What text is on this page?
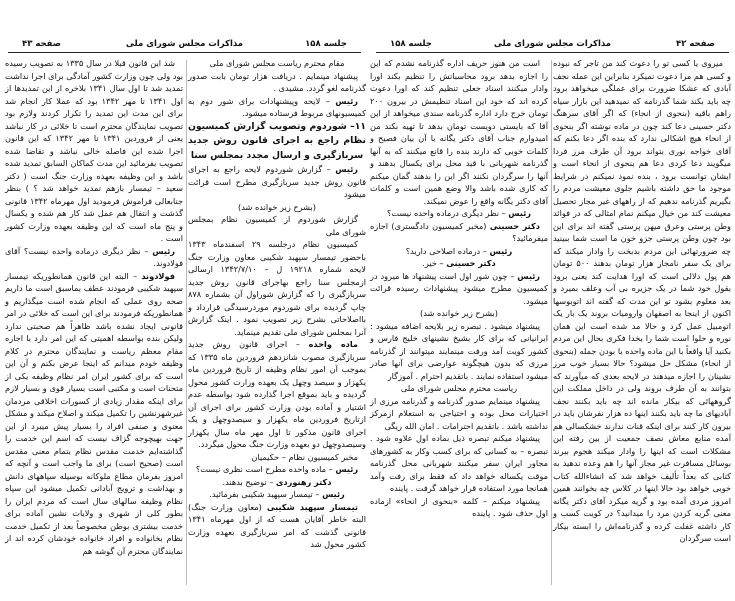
صفحه ۴۳	مذاکرات مجلس شورای ملی	جلسه ۱۵۸

مقام محترم ریاست مجلس شورای ملی

پیشنهاد مینمایم . دریافت هزار تومان بابت صدور گذرنامه لغو گردد. مشیدی .

رئیس – لایحه وپیشنهادات برای شور دوم به کمیسیونهای مربوط فرستاده میشود.

۱۱– شوردوم وتصویب گزارش کمیسیون نظام راجع به اجرای قانون روش جدید سربازگیری و ارسال مجدد بمجلس سنا

رئیس – گزارش شوردوم لایحه راجع به اجرای قانون روش جدید سربازگیری مطرح است قرائت میشود

(بشرح زیر خوانده شد)

گزارش شوردوم از کمیسیون نظام بمجلس شورای ملی

کمیسیون نظام درجلسه ۲۹ اسفندماه ۱۳۴۳ باحضور تیمسار سپهبد شکیبی معاون وزارت جنگ لایحه شماره ۱۹۲۱۸ ل – ۱۳۴۲/۷/۱۰ ارسالی ازمجلس سنا راجع بهاجرای قانون روش جدید سربازگیری را که گزارش شوراول آن بشماره ۸۷۸ چاپ گردیده برای شوردوم موردرسیدگی قرارداد و بااصلاحاتی بشرح زیر تصویب نمود . اینک گزارش آنرا بمجلس شورای ملی تقدیم مینماید.

ماده واحده – اجرای قانون روش جدید سربازگیری مصوب شانزدهم فروردین ماه ۱۳۳۵ که بموجب آن امور نظام وظیفه از تاریخ فروردین ماه یکهزار و سیصد وچهل یک بعهده وزارت کشور محول گردیده و باید بموقع اجرا گذارده شود بواسطه عدم اشتیار و آماده بودن وزارت کشور برای اجرای آن ازتاریخ فروردین ماه یکهزار و سیصدوچهل و یک اجرای قانون مذکور تا اول مهر ماه سال یکهزار وسیصدوچهل دو بعهده وزارت جنگ محول میگردد.

مخبر کمیسیون نظام – حکیمیان

رئیس – ماده واحده مطرح است نظری نیست؟

دکتر رهنوردی – توضیح بدهند.

رئیس – تیمسار سپهبد شکیبی بفرمائید.

تیمسار سپهبد شکیبی (معاون وزارت جنگ) البته خاطر آقایان هست که از اول مهرماه ۱۳۴۱ قانونی گذشت که امر سربازگیری بعهده وزارت کشور محول شد

شد این قانون قبلا در سال ۱۳۳۵ به تصویب رسیده بود ولی چون وزارت کشور آمادگی برای اجرا نداشت تمدید شد تا اول سال ۱۳۴۱ بلاخره از این تمدیدها از اول ۱۳۴۱ تا مهر ۱۳۴۲ بود که عملا کار انجام شد برای این مدت این تمدید را تکرار کردند ولازم بود تصویب نمایندگان محترم است تا خلائی در کار نباشد یعنی از فروردین ۱۳۴۱ تا مهر ۱۳۴۲ که این قانون اجرا شده این فاصله خالی نباشد و تقاضا شده تصویب بفرمائید این مدت کماکان السابق تمدید شده باشد و این وظیفه بعهده وزارت جنگ است ( دکتر سعید – تیمسار بازهم تمدید خواهد شد ؟ ) بنظر جنابعالی فراموش فرمودید اول مهرماه ۱۳۴۲ قانونی گذشت و انتقال هم عمل شد کار هم شده و یکسال و پنج ماه است که این وظیفه بعهده وزارت کشور است .

رئیس – نظر دیگری درماده واحده نیست؟ آقای فولادوند.

فولادوند – البته این قانون همانطوریکه تیمسار سپهبد شکیبی فرمودند عطف بماسبق است ما داریم صحه روی عملی که انجام شده است میگذاریم و همانطوریکه فرمودند برای این است که خلائی در امر قانونی ایجاد نشده باشد ظاهراً هم صحبتی ندارد ولیکن بنده بواسطه اهمیتی که این امر دارد با اجازه مقام معظم ریاست و نمایندگان محترم در کلام وظیفه خودم میدانم که اینجا عرض بکنم و آن این است که برای کشور ایران امر نظام وظیفه یکی از متحنات است و مکتبی است بسیار قوی و بسیار لازم برای اینکه مقدار زیادی از کسورات اخلاقی مردمان غیرشهرنشین را تکمیل میکند و اصلاح میکند و مشکل معنوی و صنفی افراد را بسیار پیش میبرد از این جهت بهیچوجه گزاف نیست که اسم این خدمت را گذاشته‌ایم خدمت مقدس نظام بتمام معنی مقدس است (صحیح است) برای ما واجب است و آنچه که امروز بفرمان مطاع ملوکانه بوسیله سپاههای دانش و بهداشت و ترویج آبادانی تکمیل میشود این سپاه نظام وظیفه سالهای سال است که مردم ایران را بطور کلی از شهری و ولایات نشین آماده برای خدمت بیشتری بوطن مخصوصاً بعد از تکمیل خدمت نظام بخانواده و افراد خانواده خودشان کرده اند از نمایندگان محترم آن گوشه هم

جلسه ۱۵۸	مذاکرات مجلس شورای ملی	صفحه ۴۲

میروی یا کسی تو را دعوت کند من تاجر که نبوده و کسی هم مرا دعوت نمیکرد بنابراین این عمله نجف آبادی که عشکا ضرورت برای عملگی میخواهد برود چه باید بکند شما گذرنامه که نمیدهید این بازار سیاه راهم باقیه (بنحوی از انحاء) که اگر آقای سرهنگ دکتر حسینی دعا کند چون در ماده نوشته اگر بنحوی از انحاء هیچ اشکالی ندارد که بنده اگر دعا بکنم که آقای خواجه نوری بتواند برود آن طرف مرز فردا میگویند دعا کردی دعا هم بنحوی از انحاء است و ایشان توانست برود ، بنده نمود نمیکنم در شرایط موجود ما حق داشته باشیم جلوی معیشت مردم را بگیریم گذرنامه ندهیم که از راههای غیر مجاز تحصیل معیشت کند من خیال میکنم تمام امثالی که در فوائد وطن پرستی وعرق میهن پرستی گفته اند برای این بود چون وطن پرستی جزو خون ما است شما ببینید چه ضرورتهائی این مردم بدبخت را وادار میکند که برای یک سفر نامجاز هزار تومان بدهند ۵۰۰ تومان هم پول دلالی است که اورا هدایت کند یعنی برود بقول خود شما در یک جزیره بی آب وعلف بمیرد و بعد معلوم بشود تو این مدت که گفته اند اتوبوسها اکنون از اینجا به اصفهان وارومیات بروند یک بار یک اتومبیل عمل کرد و حالا مد شده است این همان نوره و حلوا است شما را بخدا فکری بحال این مردم بکنید آیا واقعاً با این ماده واحده با بودن جمله (بنحوی از انحاء) مشکل حل میشود؟ حالا بسیار خوب مرز نشینان را اجازه میدهند در لایحه بعدی که میآورند که بتوانند به آن طرف بروند ولی در داخل مملکت این گروههائی که بیکار مانده اند چه باید بکنند نجف آبادیهای ما چه باید بکنند اینها ده هزار نفرشان باید در بیرون کار کنند برای اینکه قنات ندارند خشکسالی هم آمده منابع معاش نصف جمعیت از بین رفته این مشکلات است که اینها را وادار میکند هجوم ببرند بوسائل مسافرت غیر مجاز آنها را هم وعده ندهید به کتابی که بعداً تألیف خواهد شد که انشاءالله کتاب خوبی خواهد بود حالا اینها در کلاس چه بخوانند همین امروز مردی آمده بود و گریه میکرد آقای دکتر یگانه معنی گریه کردن مرد را میدانید؟ در کویت کسب و کار داشته غفلت کرده و گذرنامه‌اش را ابسته بیکار است سرگردان

است من هنوز حریف اداره گذرنامه نشدم که این را اجازه بدهد برود محاسباتش را تنظیم بکند اورا وادار میکنند اسناد جعلی تنظیم کند که اورا دعوت کرده اند که خود این اسناد تنظیمش در بیرون ۲۰۰ تومان خرج دارد اداره گذرنامه سندی میخواهد از این آقا که بایستی دویست تومان بدهد تا تهیه بکند من امیدوارم جناب آقای دکتر یگانه با آن بیان فصیح و کلمات خوبی که دارند بنده را قانع میکنند که به آنها گذرنامه شهربانی با قید محل برای یکسال بدهند و آنها را سرگردان نکنند اگر این را بدهند گمان میکنم که کاری شده باشد والا وضع همین است و کلمات آقای دکتر یگانه واقع را عوض نمیکند.

رئیس – نظر دیگری درماده واحده نیست؟

دکتر حسینی (مخبر کمیسیون دادگستری) اجازه میفرمائید؟

رئیس – درماده اصلاحی دارید؟

دکتر حسینی – خیر.

رئیس – چون شور اول است پیشنهاد ها میرود در کمیسیون مطرح میشود پیشنهادات رسیده قرائت میشود.

(بشرح زیر خوانده شد)

پیشنهاد میشود . تبصره زیر بلایحه اضافه میشود : ایرانیانی که برای کار بشیخ نشینهای خلیج فارس و کشور کویت آمد ورفت مینمایند میتوانند از گذرنامه مرزی که بدون هیچگونه عوارضی برای آنها صادر میشود استفاده نمایند . باتقدیم احترام . آموزگار

ریاست محترم مجلس شورای ملی

پیشنهاد مینمایم صدور گذرنامه و گذرنامه مرزی از اختیارات محل بوده و احتیاجی به استعلام ازمرکز نداشته باشد . باتقدیم احترامات . امان الله ریگی

پیشنهاد میکنم تبصره ذیل بماده اول علاوه شود . تبصره – به کسانی که برای کسب وکار به کشورهای مجاور ایران سفر میکنند شهربانی محل گذرنامه موقت یکساله خواهد داد که فقط برای رفت وآمد همانجا مورد استفاده قرار خواهد گرفت . پاینده

پیشنهاد میکنم – کلمه «بنحوی از انحاء» ازماده اول حذف شود . پاینده
